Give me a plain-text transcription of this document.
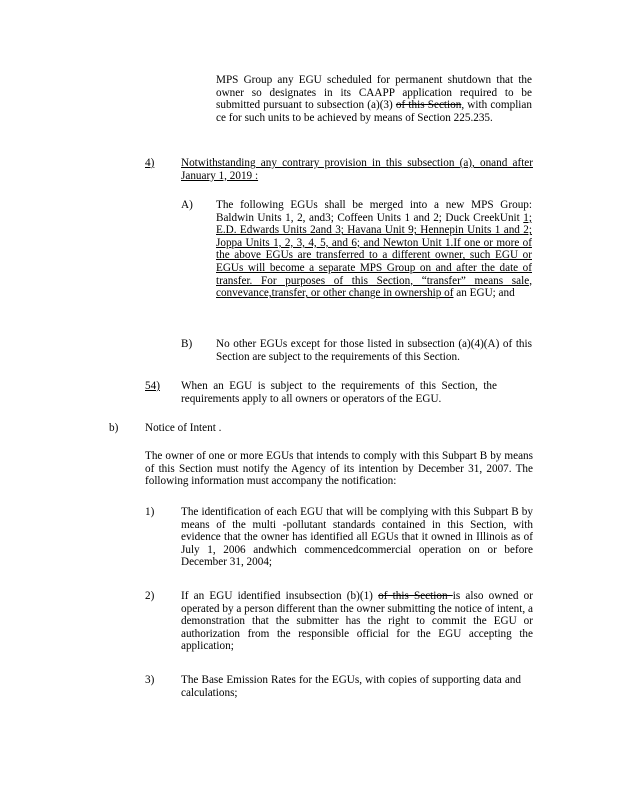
MPS Group any EGU scheduled for permanent shutdown that the owner so designates in its CAAPP application required to be submitted pursuant to subsection (a)(3) of this Section, with complian ce for such units to be achieved by means of Section 225.235.
4) Notwithstanding any contrary provision in this subsection (a), onand after January 1, 2019 :
A) The following EGUs shall be merged into a new MPS Group: Baldwin Units 1, 2, and3; Coffeen Units 1 and 2; Duck CreekUnit 1; E.D. Edwards Units 2and 3; Havana Unit 9; Hennepin Units 1 and 2; Joppa Units 1, 2, 3, 4, 5, and 6; and Newton Unit 1.If one or more of the above EGUs are transferred to a different owner, such EGU or EGUs will become a separate MPS Group on and after the date of transfer. For purposes of this Section, “transfer” means sale, convevance,transfer, or other change in ownership of an EGU; and
B) No other EGUs except for those listed in subsection (a)(4)(A) of this Section are subject to the requirements of this Section.
54) When an EGU is subject to the requirements of this Section, the requirements apply to all owners or operators of the EGU.
b) Notice of Intent .
The owner of one or more EGUs that intends to comply with this Subpart B by means of this Section must notify the Agency of its intention by December 31, 2007. The following information must accompany the notification:
1) The identification of each EGU that will be complying with this Subpart B by means of the multi -pollutant standards contained in this Section, with evidence that the owner has identified all EGUs that it owned in Illinois as of July 1, 2006 andwhich commencedcommercial operation on or before December 31, 2004;
2) If an EGU identified insubsection (b)(1) of this Section is also owned or operated by a person different than the owner submitting the notice of intent, a demonstration that the submitter has the right to commit the EGU or authorization from the responsible official for the EGU accepting the application;
3) The Base Emission Rates for the EGUs, with copies of supporting data and calculations;
